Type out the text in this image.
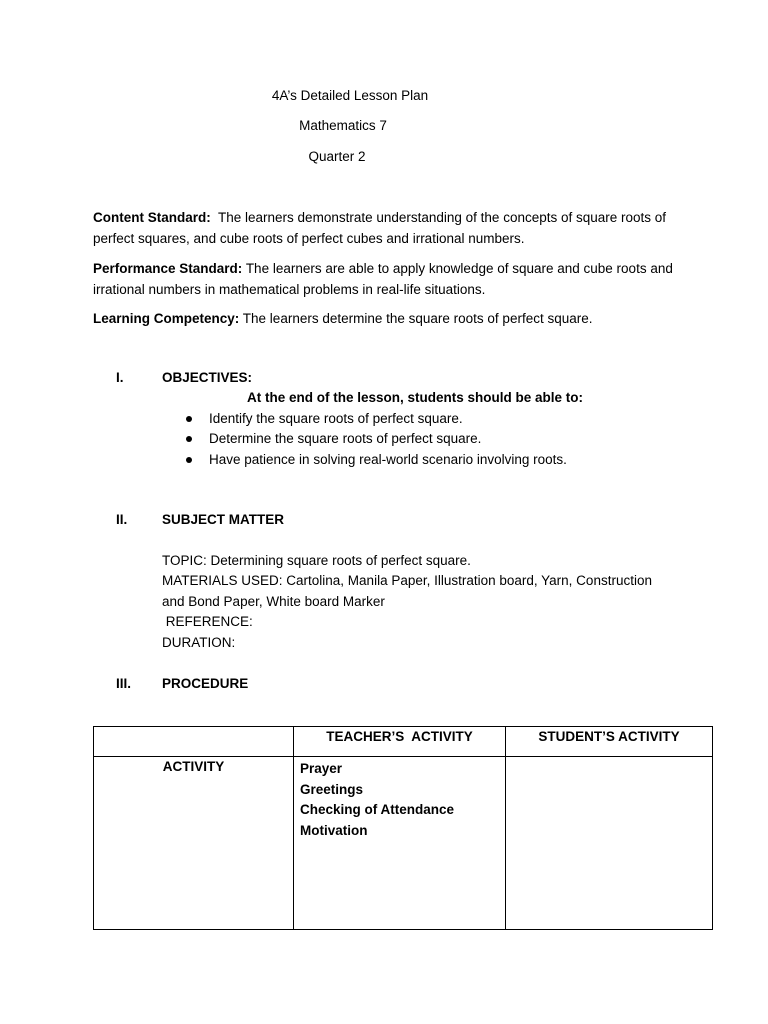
4A’s Detailed Lesson Plan
Mathematics 7
Quarter 2
Content Standard: The learners demonstrate understanding of the concepts of square roots of perfect squares, and cube roots of perfect cubes and irrational numbers.
Performance Standard: The learners are able to apply knowledge of square and cube roots and irrational numbers in mathematical problems in real-life situations.
Learning Competency: The learners determine the square roots of perfect square.
I.	OBJECTIVES:
At the end of the lesson, students should be able to:
Identify the square roots of perfect square.
Determine the square roots of perfect square.
Have patience in solving real-world scenario involving roots.
II.	SUBJECT MATTER
TOPIC: Determining square roots of perfect square.
MATERIALS USED: Cartolina, Manila Paper, Illustration board, Yarn, Construction
and Bond Paper, White board Marker
REFERENCE:
DURATION:
III. PROCEDURE
	TEACHER’S  ACTIVITY	STUDENT’S ACTIVITY

ACTIVITY	Prayer
Greetings
Checking of Attendance
Motivation	
